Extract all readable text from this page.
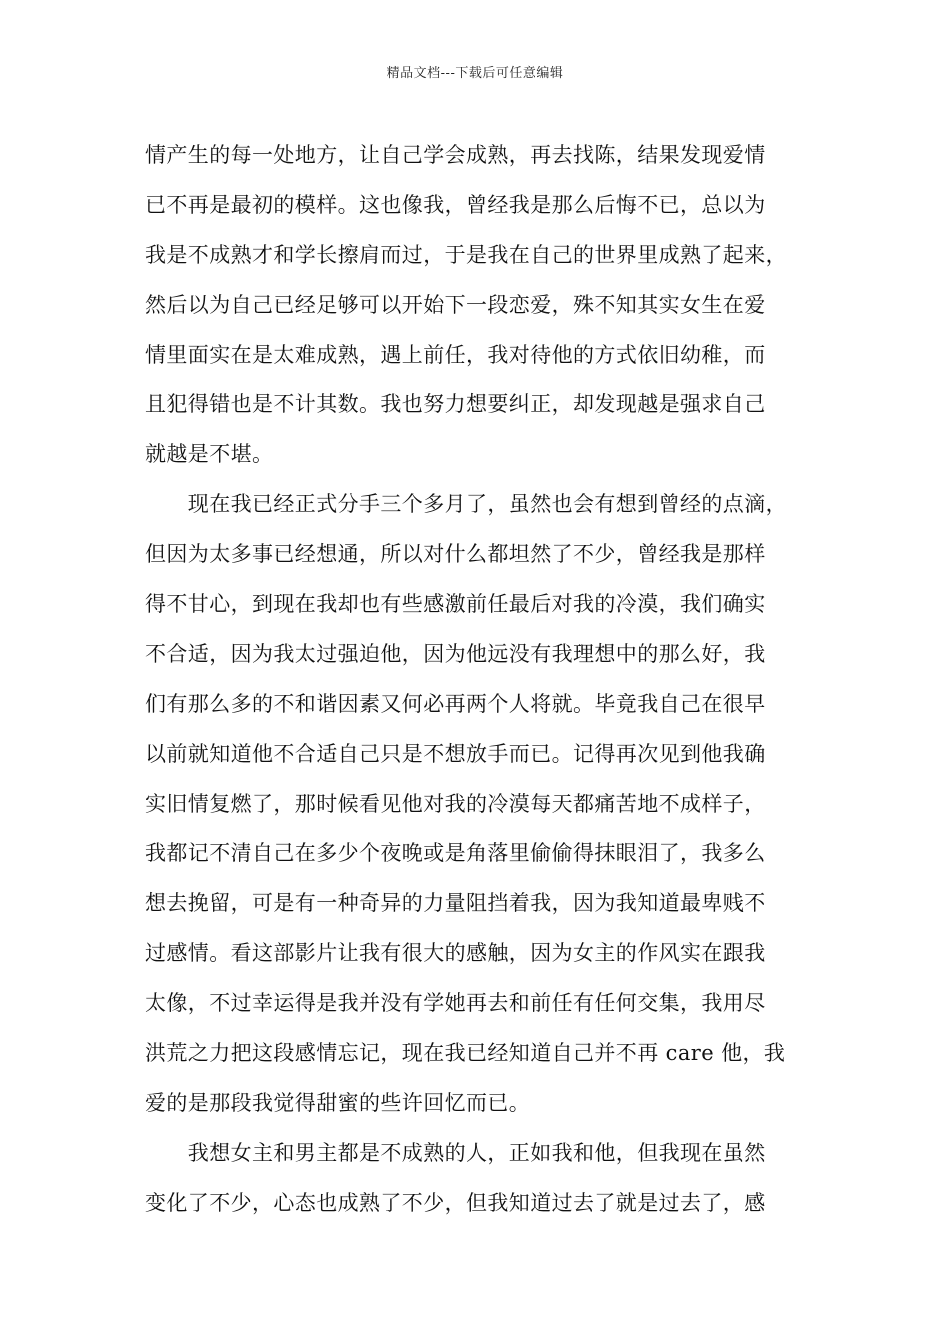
精品文档---下载后可任意编辑
情产生的每一处地方，让自己学会成熟，再去找陈，结果发现爱情
已不再是最初的模样。这也像我，曾经我是那么后悔不已，总以为
我是不成熟才和学长擦肩而过，于是我在自己的世界里成熟了起来，
然后以为自己已经足够可以开始下一段恋爱，殊不知其实女生在爱
情里面实在是太难成熟，遇上前任，我对待他的方式依旧幼稚，而
且犯得错也是不计其数。我也努力想要纠正，却发现越是强求自己
就越是不堪。
　　现在我已经正式分手三个多月了，虽然也会有想到曾经的点滴，
但因为太多事已经想通，所以对什么都坦然了不少，曾经我是那样
得不甘心，到现在我却也有些感激前任最后对我的冷漠，我们确实
不合适，因为我太过强迫他，因为他远没有我理想中的那么好，我
们有那么多的不和谐因素又何必再两个人将就。毕竟我自己在很早
以前就知道他不合适自己只是不想放手而已。记得再次见到他我确
实旧情复燃了，那时候看见他对我的冷漠每天都痛苦地不成样子，
我都记不清自己在多少个夜晚或是角落里偷偷得抹眼泪了，我多么
想去挽留，可是有一种奇异的力量阻挡着我，因为我知道最卑贱不
过感情。看这部影片让我有很大的感触，因为女主的作风实在跟我
太像，不过幸运得是我并没有学她再去和前任有任何交集，我用尽
洪荒之力把这段感情忘记，现在我已经知道自己并不再 care 他，我
爱的是那段我觉得甜蜜的些许回忆而已。
　　我想女主和男主都是不成熟的人，正如我和他，但我现在虽然
变化了不少，心态也成熟了不少，但我知道过去了就是过去了，感
